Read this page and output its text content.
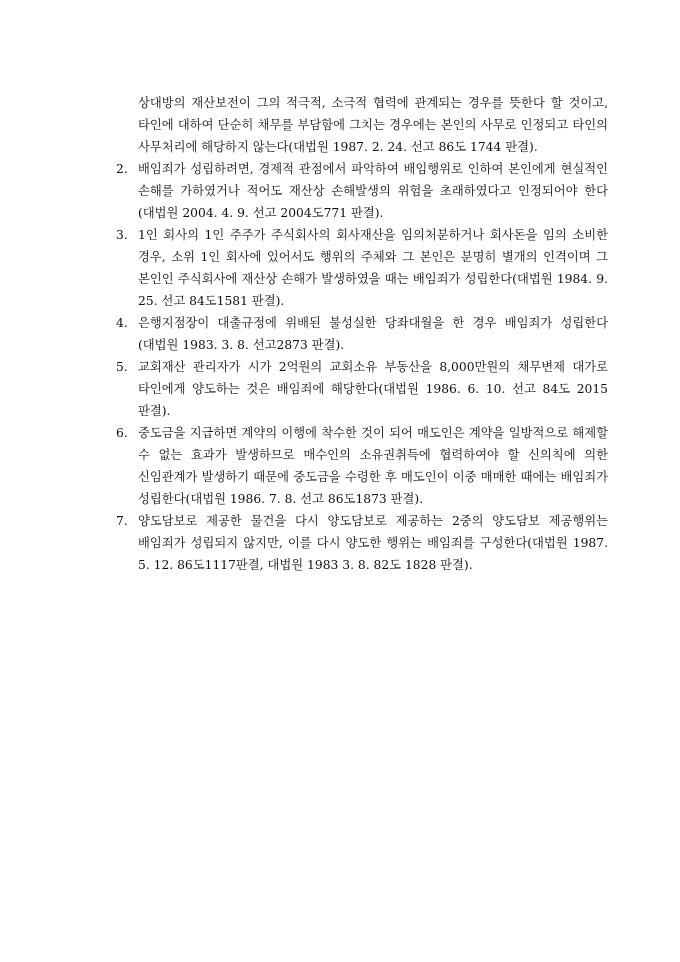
상대방의 재산보전이 그의 적극적, 소극적 협력에 관계되는 경우를 뜻한다 할 것이고, 타인에 대하여 단순히 채무를 부담함에 그치는 경우에는 본인의 사무로 인정되고 타인의 사무처리에 해당하지 않는다(대법원 1987. 2. 24. 선고 86도 1744 판결).

2. 배임죄가 성립하려면, 경제적 관점에서 파악하여 배임행위로 인하여 본인에게 현실적인 손해를 가하였거나 적어도 재산상 손해발생의 위험을 초래하였다고 인정되어야 한다(대법원 2004. 4. 9. 선고 2004도771 판결).

3. 1인 회사의 1인 주주가 주식회사의 회사재산을 임의처분하거나 회사돈을 임의 소비한 경우, 소위 1인 회사에 있어서도 행위의 주체와 그 본인은 분명히 별개의 인격이며 그 본인인 주식회사에 재산상 손해가 발생하였을 때는 배임죄가 성립한다(대법원 1984. 9. 25. 선고 84도1581 판결).

4. 은행지점장이 대출규정에 위배된 불성실한 당좌대월을 한 경우 배임죄가 성립한다(대법원 1983. 3. 8. 선고2873 판결).

5. 교회재산 관리자가 시가 2억원의 교회소유 부동산을 8,000만원의 채무변제 대가로 타인에게 양도하는 것은 배임죄에 해당한다(대법원 1986. 6. 10. 선고 84도 2015 판결).

6. 중도금을 지급하면 계약의 이행에 착수한 것이 되어 매도인은 계약을 일방적으로 해제할 수 없는 효과가 발생하므로 매수인의 소유권취득에 협력하여야 할 신의칙에 의한 신임관계가 발생하기 때문에 중도금을 수령한 후 매도인이 이중 매매한 때에는 배임죄가 성립한다(대법원 1986. 7. 8. 선고 86도1873 판결).

7. 양도담보로 제공한 물건을 다시 양도담보로 제공하는 2중의 양도담보 제공행위는 배임죄가 성립되지 않지만, 이를 다시 양도한 행위는 배임죄를 구성한다(대법원 1987. 5. 12. 86도1117판결, 대법원 1983 3. 8. 82도 1828 판결).
